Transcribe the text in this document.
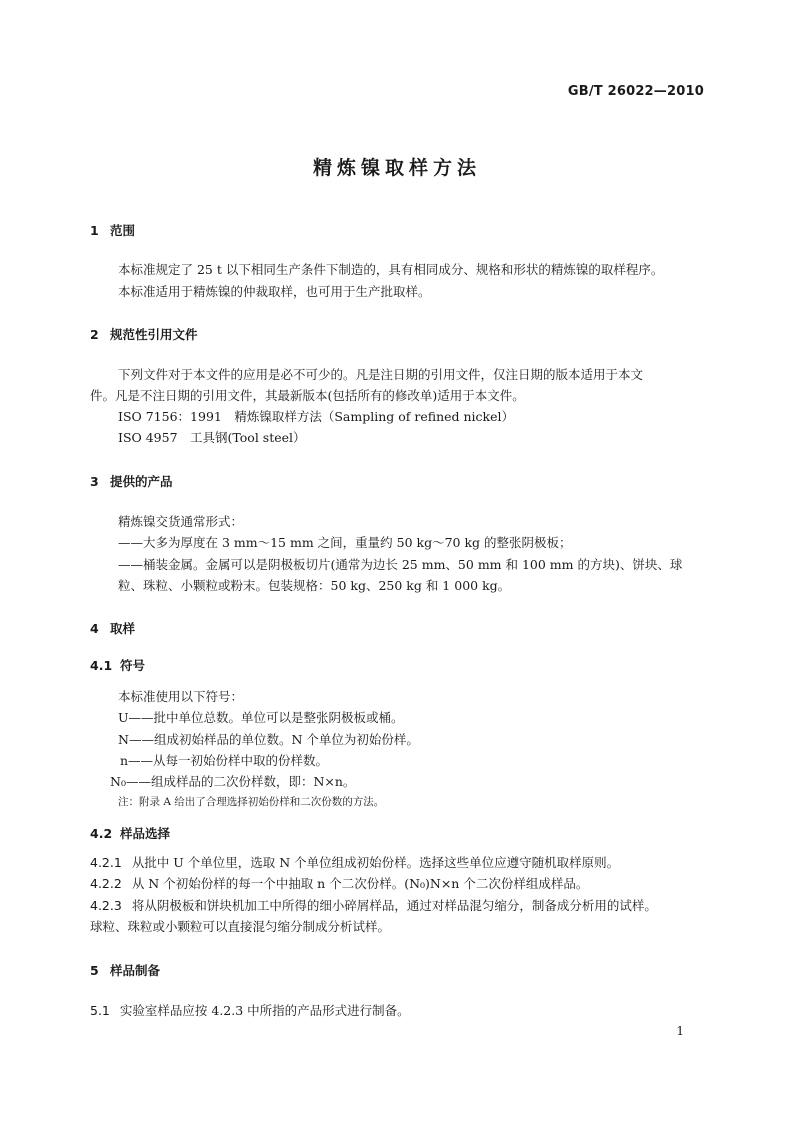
GB/T 26022—2010
精炼镍取样方法
1 范围
本标准规定了 25 t 以下相同生产条件下制造的，具有相同成分、规格和形状的精炼镍的取样程序。
本标准适用于精炼镍的仲裁取样，也可用于生产批取样。
2 规范性引用文件
下列文件对于本文件的应用是必不可少的。凡是注日期的引用文件，仅注日期的版本适用于本文
件。凡是不注日期的引用文件，其最新版本(包括所有的修改单)适用于本文件。
ISO 7156：1991　精炼镍取样方法（Sampling of refined nickel）
ISO 4957　工具钢(Tool steel）
3 提供的产品
精炼镍交货通常形式：
——大多为厚度在 3 mm～15 mm 之间，重量约 50 kg～70 kg 的整张阴极板；
——桶装金属。金属可以是阴极板切片(通常为边长 25 mm、50 mm 和 100 mm 的方块)、饼块、球
粒、珠粒、小颗粒或粉末。包装规格：50 kg、250 kg 和 1 000 kg。
4 取样
4.1 符号
本标准使用以下符号：
U——批中单位总数。单位可以是整张阴极板或桶。
N——组成初始样品的单位数。N 个单位为初始份样。
n——从每一初始份样中取的份样数。
N₀——组成样品的二次份样数，即：N×n。
注：附录 A 给出了合理选择初始份样和二次份数的方法。
4.2 样品选择
4.2.1 从批中 U 个单位里，选取 N 个单位组成初始份样。选择这些单位应遵守随机取样原则。
4.2.2 从 N 个初始份样的每一个中抽取 n 个二次份样。(N₀)N×n 个二次份样组成样品。
4.2.3 将从阴极板和饼块机加工中所得的细小碎屑样品，通过对样品混匀缩分，制备成分析用的试样。
球粒、珠粒或小颗粒可以直接混匀缩分制成分析试样。
5 样品制备
5.1 实验室样品应按 4.2.3 中所指的产品形式进行制备。
1
